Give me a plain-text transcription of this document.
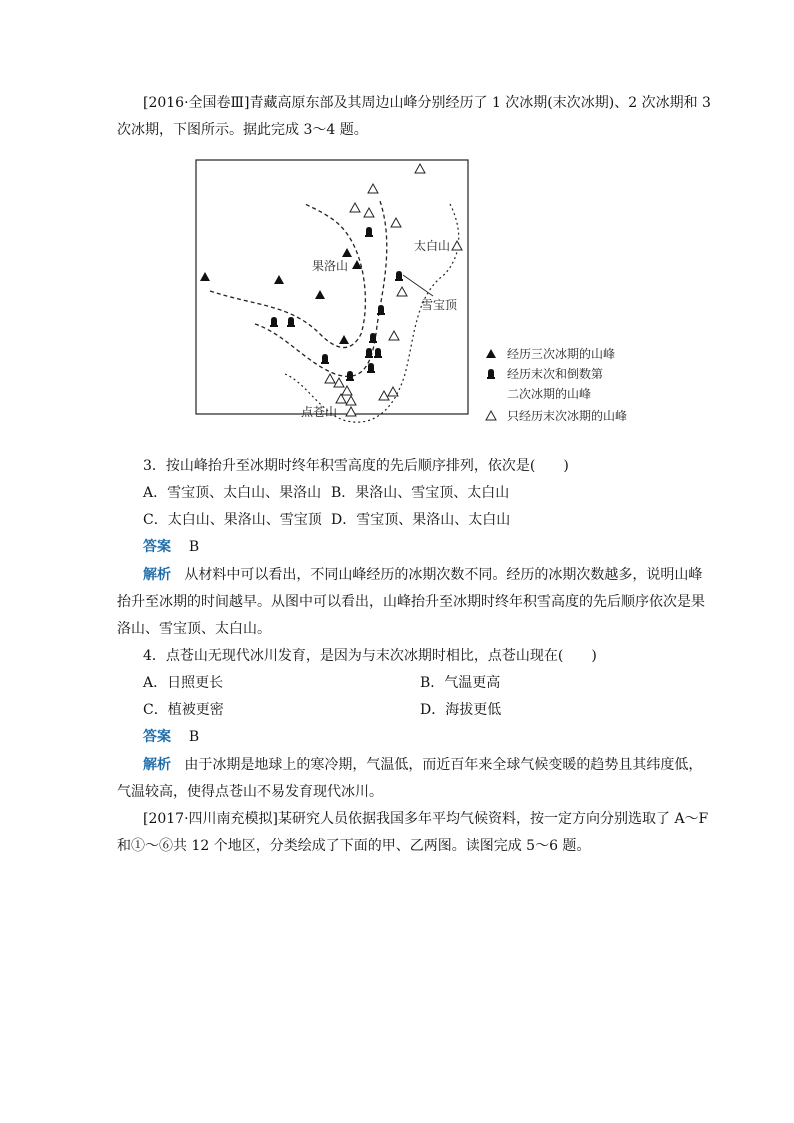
[2016·全国卷Ⅲ]青藏高原东部及其周边山峰分别经历了 1 次冰期(末次冰期)、2 次冰期和 3
次冰期，下图所示。据此完成 3～4 题。
果洛山
太白山
雪宝顶
点苍山
经历三次冰期的山峰
经历末次和倒数第
二次冰期的山峰
只经历末次冰期的山峰
3．按山峰抬升至冰期时终年积雪高度的先后顺序排列，依次是(　　)
A．雪宝顶、太白山、果洛山 B．果洛山、雪宝顶、太白山
C．太白山、果洛山、雪宝顶 D．雪宝顶、果洛山、太白山
答案 B
解析 从材料中可以看出，不同山峰经历的冰期次数不同。经历的冰期次数越多，说明山峰
抬升至冰期的时间越早。从图中可以看出，山峰抬升至冰期时终年积雪高度的先后顺序依次是果
洛山、雪宝顶、太白山。
4．点苍山无现代冰川发育，是因为与末次冰期时相比，点苍山现在(　　)
A．日照更长	B．气温更高
C．植被更密	D．海拔更低
答案 B
解析 由于冰期是地球上的寒冷期，气温低，而近百年来全球气候变暖的趋势且其纬度低，
气温较高，使得点苍山不易发育现代冰川。
[2017·四川南充模拟]某研究人员依据我国多年平均气候资料，按一定方向分别选取了 A～F
和①～⑥共 12 个地区，分类绘成了下面的甲、乙两图。读图完成 5～6 题。
